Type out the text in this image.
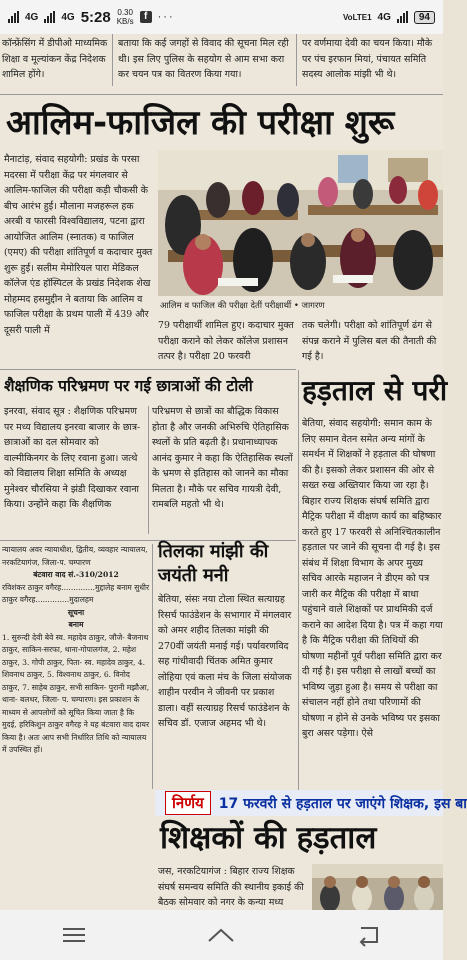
4G 4G 5:28 0.30
KB/s	f ···	VoLTE1 4G	94
कॉन्फ्रेंसिंग में डीपीओ माध्यमिक शिक्षा व मूल्यांकन केंद्र निदेशक शामिल होंगे।
बताया कि कई जगहों से विवाद की सूचना मिल रही थी। इस लिए पुलिस के सहयोग से आम सभा करा कर चयन पत्र का वितरण किया गया।
पर वर्णमाया देवी का चयन किया। मौके पर पंच इरफान मियां, पंचायत समिति सदस्य आलोक मांझी भी थे।
आलिम-फाजिल की परीक्षा शुरू
मैनाटांड़, संवाद सहयोगी: प्रखंड के परसा मदरसा में परीक्षा केंद्र पर मंगलवार से आलिम-फाजिल की परीक्षा कड़ी चौकसी के बीच आरंभ हुई। मौलाना मजहरूल हक अरबी व फारसी विश्वविद्यालय, पटना द्वारा आयोजित आलिम (स्नातक) व फाजिल (एमए) की परीक्षा शांतिपूर्ण व कदाचार मुक्त शुरू हुई। सलीम मेमोरियल पारा मेडिकल कॉलेज एंड हॉस्पिटल के प्रखंड निदेशक शेख मोहम्मद हसमुद्दीन ने बताया कि आलिम व फाजिल परीक्षा के प्रथम पाली में 439 और दूसरी पाली में
आलिम व फाजिल की परीक्षा देतीं परीक्षार्थी • जागरण
79 परीक्षार्थी शामिल हुए। कदाचार मुक्त परीक्षा कराने को लेकर कॉलेज प्रशासन तत्पर है। परीक्षा 20 फरवरी
तक चलेगी। परीक्षा को शांतिपूर्ण ढंग से संपन्न कराने में पुलिस बल की तैनाती की गई है।
शैक्षणिक परिभ्रमण पर गई छात्राओं की टोली
इनरवा, संवाद सूत्र : शैक्षणिक परिभ्रमण पर मध्य विद्यालय इनरवा बाजार के छात्र-छात्राओं का दल सोमवार को वाल्मीकिनगर के लिए रवाना हुआ। जत्थे को विद्यालय शिक्षा समिति के अध्यक्ष मुनेश्वर चौरसिया ने झंडी दिखाकर रवाना किया। उन्होंने कहा कि शैक्षणिक
परिभ्रमण से छात्रों का बौद्धिक विकास होता है और जनकी अभिरुचि ऐतिहासिक स्थलों के प्रति बढ़ती है। प्रधानाध्यापक आनंद कुमार ने कहा कि ऐतिहासिक स्थलों के भ्रमण से इतिहास को जानने का मौका मिलता है। मौके पर सचिव गायत्री देवी, रामबलि महतो भी थे।
हड़ताल से परी
बेतिया, संवाद सहयोगी: समान काम के लिए समान वेतन समेत अन्य मांगों के समर्थन में शिक्षकों ने हड़ताल की घोषणा की है। इसको लेकर प्रशासन की ओर से सख्त रुख अख्तियार किया जा रहा है। बिहार राज्य शिक्षक संघर्ष समिति द्वारा मैट्रिक परीक्षा में वीक्षण कार्य का बहिष्कार करते हुए 17 फरवरी से अनिश्चितकालीन हड़ताल पर जाने की सूचना दी गई है। इस संबंध में शिक्षा विभाग के अपर मुख्य सचिव आरके महाजन ने डीएम को पत्र जारी कर मैट्रिक की परीक्षा में बाधा पहुंचाने वाले शिक्षकों पर प्राथमिकी दर्ज कराने का आदेश दिया है। पत्र में कहा गया है कि मैट्रिक परीक्षा की तिथियों की घोषणा महीनों पूर्व परीक्षा समिति द्वारा कर दी गई है। इस परीक्षा से लाखों बच्चों का भविष्य जुड़ा हुआ है। समय से परीक्षा का संचालन नहीं होने तथा परिणामों की घोषणा न होने से उनके भविष्य पर इसका बुरा असर पड़ेगा। ऐसे
न्यायालय अवर न्यायाधीश, द्वितीय, व्यवहार न्यायालय, नरकटियागंज, जिला-प. चम्पारण
बंटवारा वाद सं.-310/2012
रविशंकर ठाकुर वगैरह..............मुद्दालेह बनाम सुधीर ठाकुर वगैरह..............मुदालहम
सूचना
बनाम
1. सुरुन्दी देवी बेवे स्व. महादेव ठाकुर, जौजे- बैजनाथ ठाकुर, साकिन-सरफा, थाना-गोपालगंज, 2. महेश ठाकुर, 3. गोपी ठाकुर, पिता- स्व. महादेव ठाकुर, 4. शिवनाथ ठाकुर, 5. विश्वनाथ ठाकुर, 6. विनोद ठाकुर, 7. साहेब ठाकुर, सभी साकिन- पुरानी मझौआ, थाना- बलथर, जिला- प. चम्पारण। इस प्रकाशन के माध्यम से आपलोगों को सूचित किया जाता है कि मुदई, हरिकिशुन ठाकुर वगैरह ने यह बंटवारा वाद दायर किया है। अतः आप सभी निर्धारित तिथि को न्यायालय में उपस्थित हों।
तिलका मांझी की
जयंती मनी
बेतिया, संसः नया टोला स्थित सत्याग्रह रिसर्च फाउंडेशन के सभागार में मंगलवार को अमर शहीद तिलका मांझी की 270वीं जयंती मनाई गई। पर्यावरणविद सह गांधीवादी चिंतक अमित कुमार लोहिया एवं कला मंच के जिला संयोजक शाहीन परवीन ने जीवनी पर प्रकाश डाला। वहीं सत्याग्रह रिसर्च फाउंडेशन के सचिव डॉ. एजाज अहमद भी थे।
निर्णय	17 फरवरी से हड़ताल पर जाएंगे शिक्षक, इस बा
शिक्षकों की हड़ताल
जस, नरकटियागंज : बिहार राज्य शिक्षक संघर्ष समन्वय समिति की स्थानीय इकाई की बैठक सोमवार को नगर के कन्या मध्य
